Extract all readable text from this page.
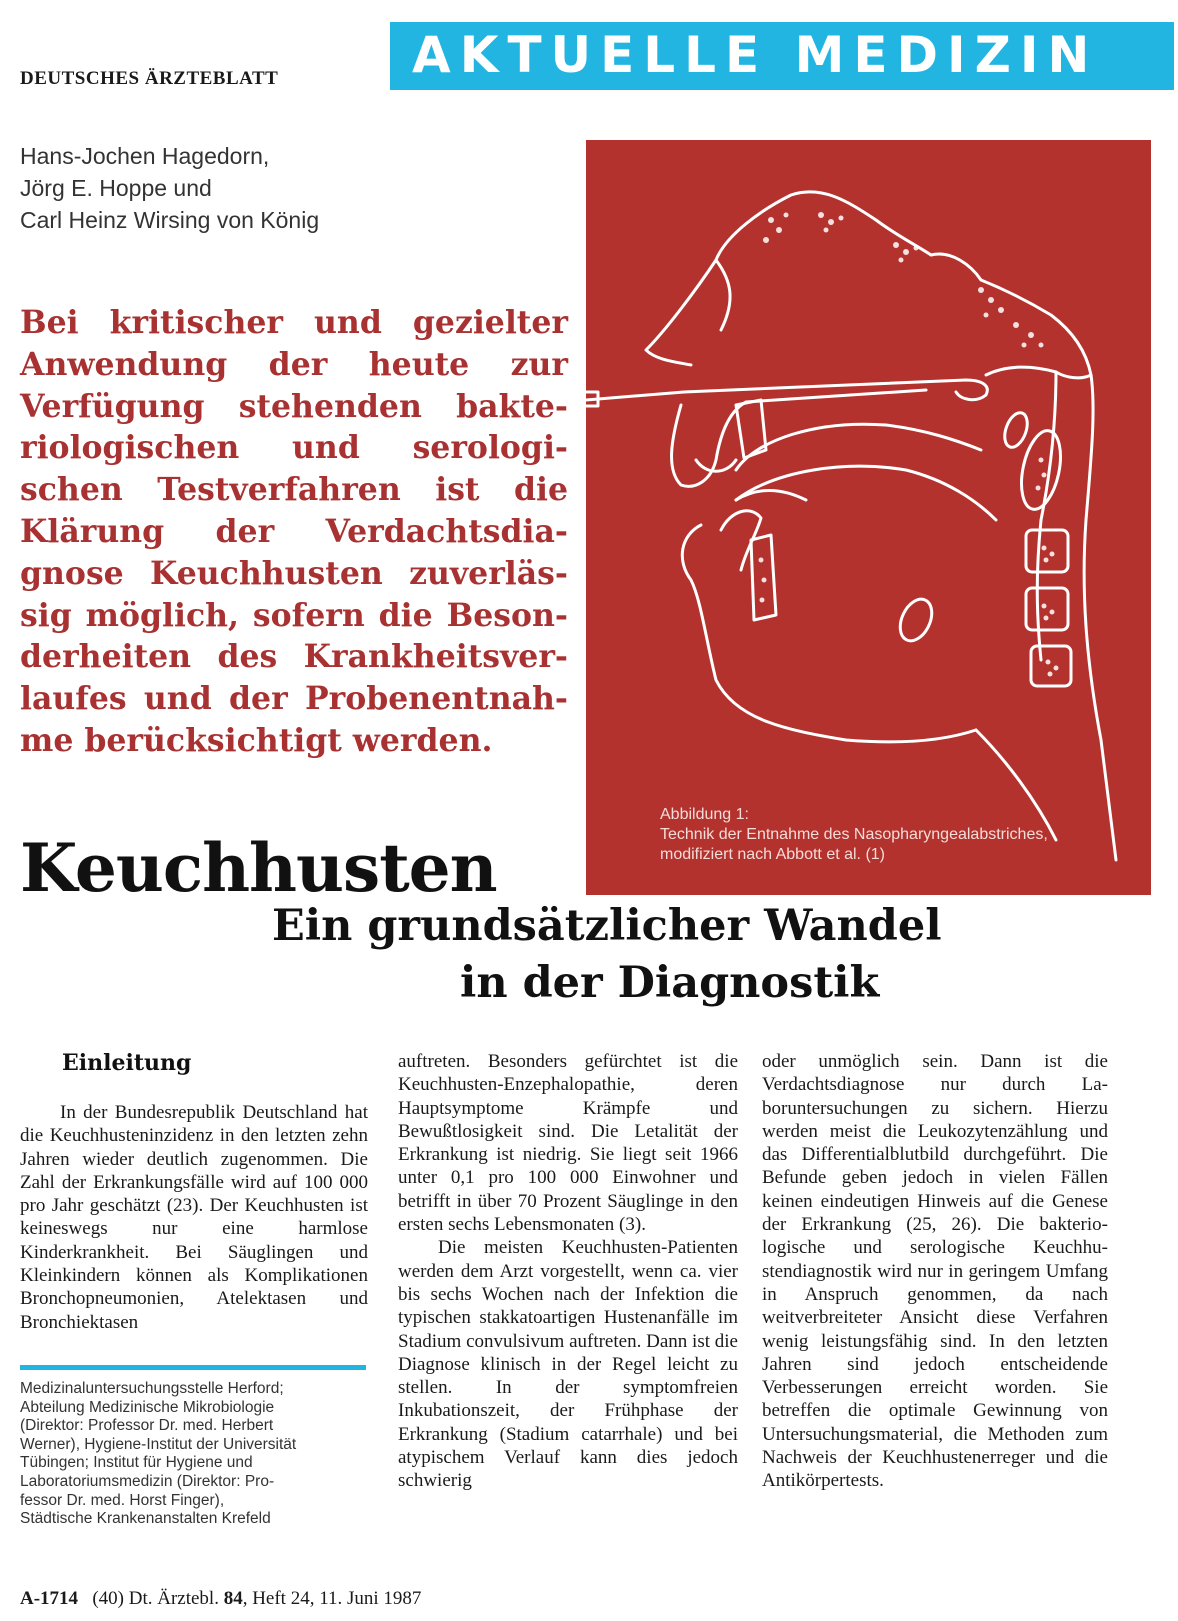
DEUTSCHES ÄRZTEBLATT	AKTUELLE MEDIZIN
Hans-Jochen Hagedorn,
Jörg E. Hoppe und
Carl Heinz Wirsing von König
Bei kritischer und gezielter Anwendung der heute zur Verfügung stehenden bakteriologischen und serologischen Testverfahren ist die Klärung der Verdachtsdiagnose Keuchhusten zuverlässig möglich, sofern die Besonderheiten des Krankheitsverlaufes und der Probenentnahme berücksichtigt werden.
Abbildung 1:
Technik der Entnahme des Nasopharyngealabstriches,
modifiziert nach Abbott et al. (1)
Keuchhusten
Ein grundsätzlicher Wandel
in der Diagnostik
Einleitung

In der Bundesrepublik Deutschland hat die Keuchhusteninzidenz in den letzten zehn Jahren wieder deutlich zugenommen. Die Zahl der Erkrankungsfälle wird auf 100 000 pro Jahr geschätzt (23). Der Keuchhusten ist keineswegs nur eine harmlose Kinderkrankheit. Bei Säuglingen und Kleinkindern können als Komplikationen Bronchopneumonien, Atelektasen und Bronchiektasen

Medizinaluntersuchungsstelle Herford;
Abteilung Medizinische Mikrobiologie
(Direktor: Professor Dr. med. Herbert
Werner), Hygiene-Institut der Universität
Tübingen; Institut für Hygiene und
Laboratoriumsmedizin (Direktor: Pro-
fessor Dr. med. Horst Finger),
Städtische Krankenanstalten Krefeld

auftreten. Besonders gefürchtet ist die Keuchhusten-Enzephalopathie, deren Hauptsymptome Krämpfe und Bewußtlosigkeit sind. Die Letalität der Erkrankung ist niedrig. Sie liegt seit 1966 unter 0,1 pro 100 000 Einwohner und betrifft in über 70 Prozent Säuglinge in den ersten sechs Lebensmonaten (3).

Die meisten Keuchhusten-Patienten werden dem Arzt vorgestellt, wenn ca. vier bis sechs Wochen nach der Infektion die typischen stakkatoartigen Hustenanfälle im Stadium convulsivum auftreten. Dann ist die Diagnose klinisch in der Regel leicht zu stellen. In der symptomfreien Inkubationszeit, der Frühphase der Erkrankung (Stadium catarrhale) und bei atypischem Verlauf kann dies jedoch schwierig

oder unmöglich sein. Dann ist die Verdachtsdiagnose nur durch Laboruntersuchungen zu sichern. Hierzu werden meist die Leukozytenzählung und das Differentialblutbild durchgeführt. Die Befunde geben jedoch in vielen Fällen keinen eindeutigen Hinweis auf die Genese der Erkrankung (25, 26). Die bakteriologische und serologische Keuchhustendiagnostik wird nur in geringem Umfang in Anspruch genommen, da nach weitverbreiteter Ansicht diese Verfahren wenig leistungsfähig sind. In den letzten Jahren sind jedoch entscheidende Verbesserungen erreicht worden. Sie betreffen die optimale Gewinnung von Untersuchungsmaterial, die Methoden zum Nachweis der Keuchhustenerreger und die Antikörpertests.

A-1714 (40) Dt. Ärztebl. 84, Heft 24, 11. Juni 1987
